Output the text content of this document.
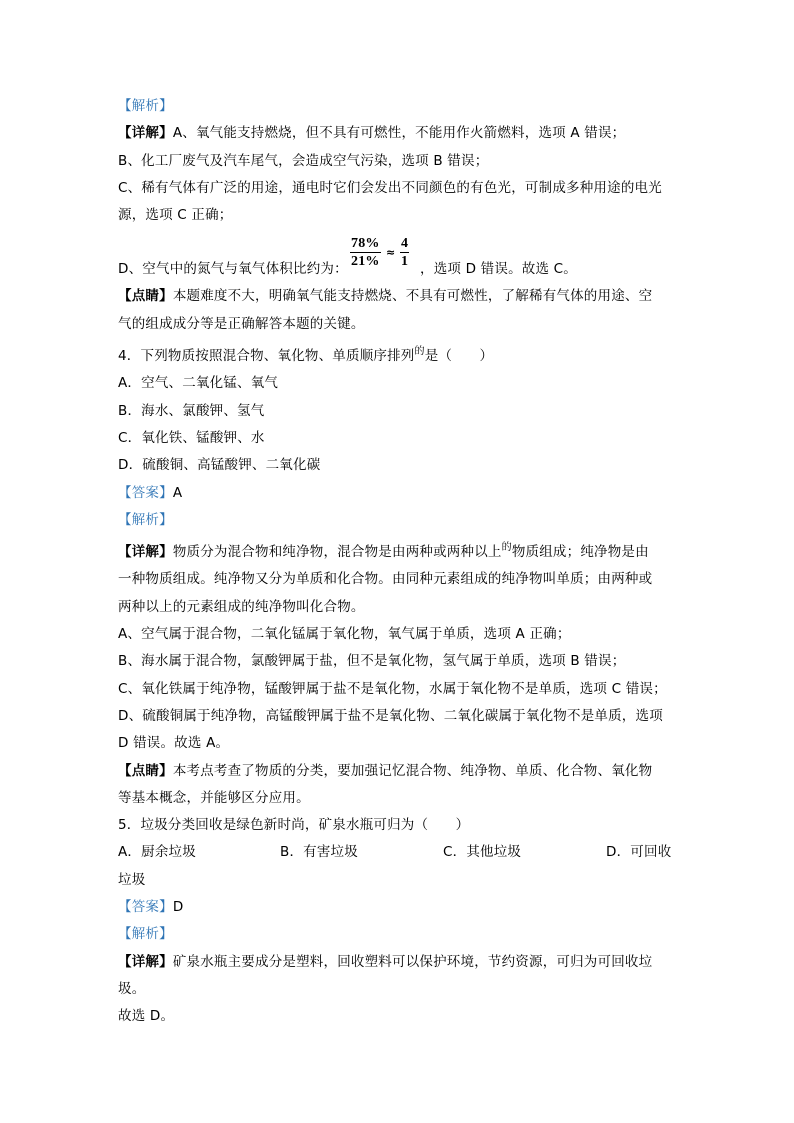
【解析】
【详解】A、氧气能支持燃烧，但不具有可燃性，不能用作火箭燃料，选项 A 错误；
B、化工厂废气及汽车尾气，会造成空气污染，选项 B 错误；
C、稀有气体有广泛的用途，通电时它们会发出不同颜色的有色光，可制成多种用途的电光
源，选项 C 正确；
D、空气中的氮气与氧气体积比约为： $\frac{78\%}{21\%} \approx \frac{4}{1}$ ，选项 D 错误。故选 C。
【点睛】本题难度不大，明确氧气能支持燃烧、不具有可燃性，了解稀有气体的用途、空
气的组成成分等是正确解答本题的关键。
4．下列物质按照混合物、氧化物、单质顺序排列$^的$是（　　）
A．空气、二氧化锰、氧气
B．海水、氯酸钾、氢气
C．氧化铁、锰酸钾、水
D．硫酸铜、高锰酸钾、二氧化碳
【答案】A
【解析】
【详解】物质分为混合物和纯净物，混合物是由两种或两种以上$^的$物质组成；纯净物是由
一种物质组成。纯净物又分为单质和化合物。由同种元素组成的纯净物叫单质；由两种或
两种以上的元素组成的纯净物叫化合物。
A、空气属于混合物，二氧化锰属于氧化物，氧气属于单质，选项 A 正确；
B、海水属于混合物，氯酸钾属于盐，但不是氧化物，氢气属于单质，选项 B 错误；
C、氧化铁属于纯净物，锰酸钾属于盐不是氧化物，水属于氧化物不是单质，选项 C 错误；
D、硫酸铜属于纯净物，高锰酸钾属于盐不是氧化物、二氧化碳属于氧化物不是单质，选项
D 错误。故选 A。
【点睛】本考点考查了物质的分类，要加强记忆混合物、纯净物、单质、化合物、氧化物
等基本概念，并能够区分应用。
5．垃圾分类回收是绿色新时尚，矿泉水瓶可归为（　　）
A．厨余垃圾	B．有害垃圾	C．其他垃圾	D．可回收
垃圾
【答案】D
【解析】
【详解】矿泉水瓶主要成分是塑料，回收塑料可以保护环境，节约资源，可归为可回收垃
圾。
故选 D。
